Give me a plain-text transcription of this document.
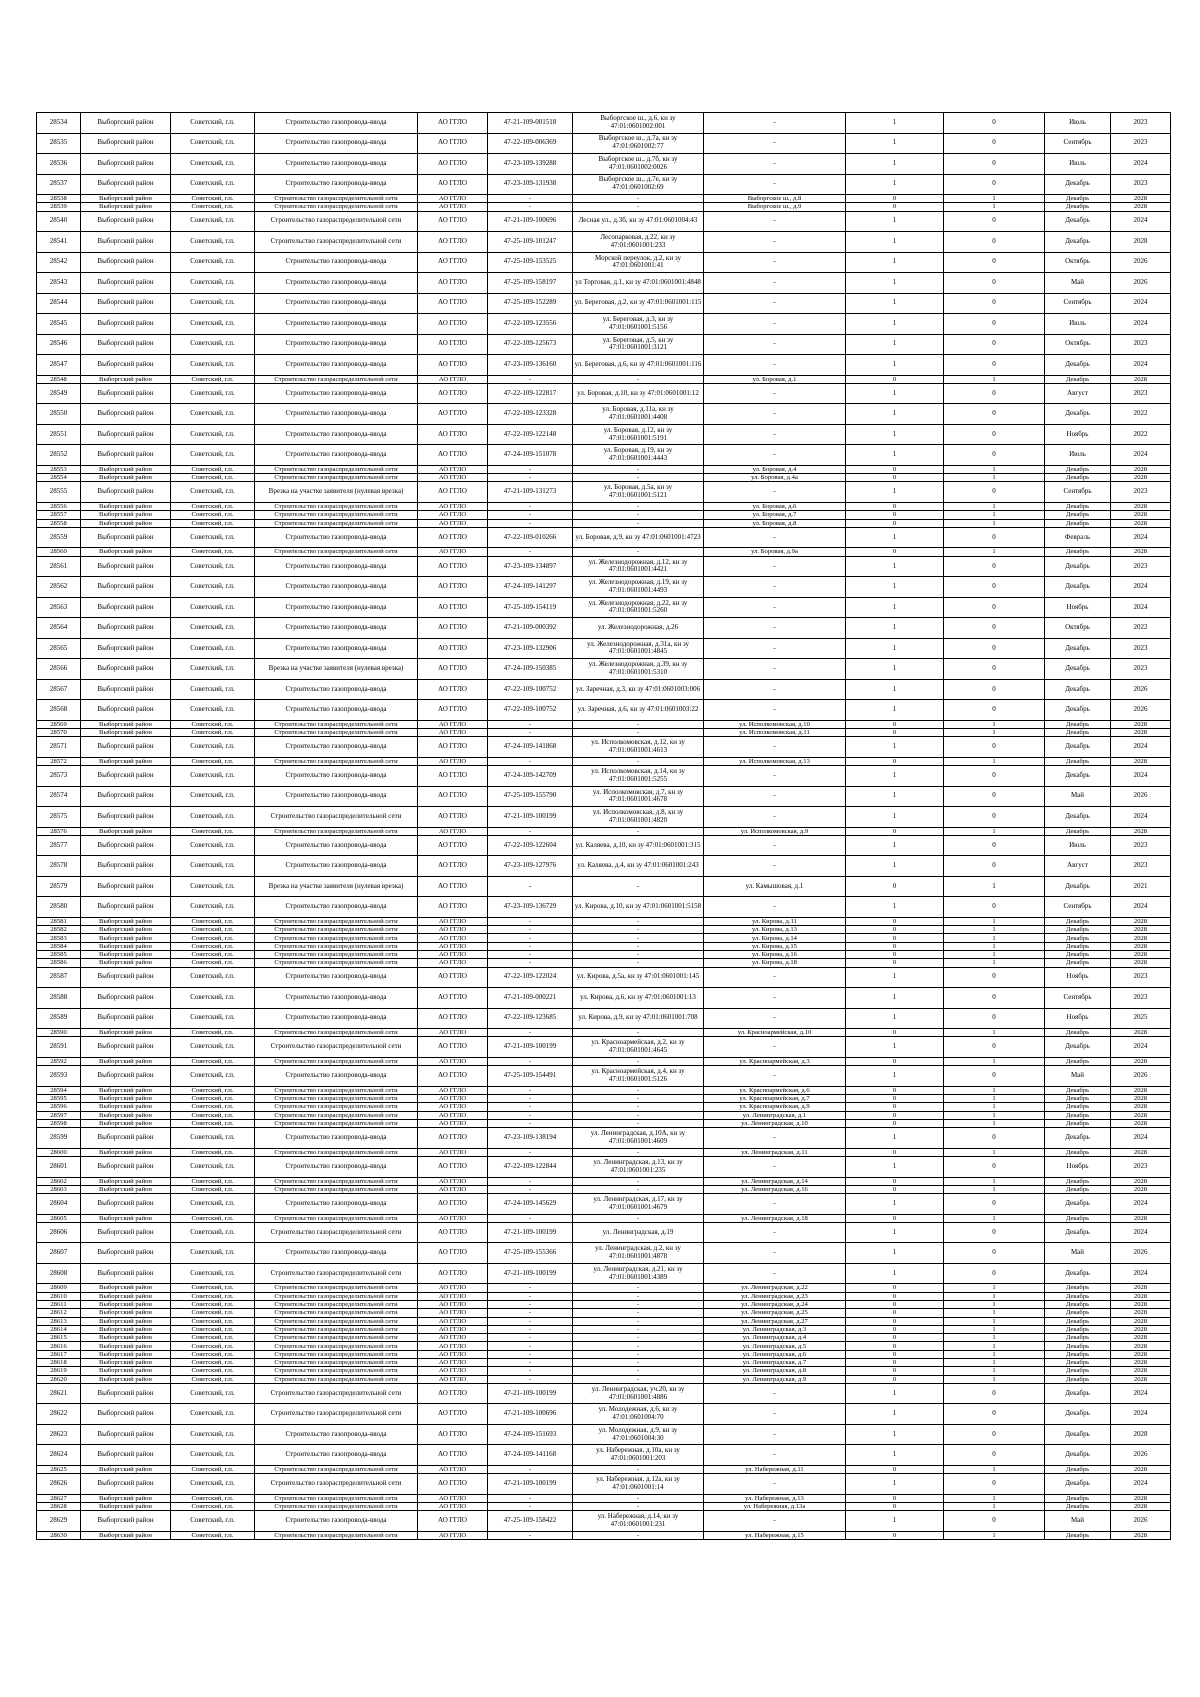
28534	Выборгский район	Советский, г.п.	Строительство газопровода-ввода	АО ГГЛО	47-21-109-001518	Выборгское ш., д.6, кн зу 47:01:0601002:001	-	1	0	Июль	2023
28535	Выборгский район	Советский, г.п.	Строительство газопровода-ввода	АО ГГЛО	47-22-109-006369	Выборгское ш., д.7а, кн зу 47:01:0601002:77	-	1	0	Сентябрь	2023
28536	Выборгский район	Советский, г.п.	Строительство газопровода-ввода	АО ГГЛО	47-23-109-139288	Выборгское ш., д.7б, кн зу 47:01:0601002:0026	-	1	0	Июль	2024
28537	Выборгский район	Советский, г.п.	Строительство газопровода-ввода	АО ГГЛО	47-23-109-131938	Выборгское ш., д.7е, кн зу 47:01:0601002:69	-	1	0	Декабрь	2023
28538	Выборгский район	Советский, г.п.	Строительство газораспределительной сети	АО ГГЛО	-	-	Выборгское ш., д.8	0	1	Декабрь	2028
28539	Выборгский район	Советский, г.п.	Строительство газораспределительной сети	АО ГГЛО	-	-	Выборгское ш., д.9	0	1	Декабрь	2028
28540	Выборгский район	Советский, г.п.	Строительство газораспределительной сети	АО ГГЛО	47-21-109-100696	Лесная ул., д.3б, кн зу 47:01:0601004:43	-	1	0	Декабрь	2024
28541	Выборгский район	Советский, г.п.	Строительство газораспределительной сети	АО ГГЛО	47-25-109-101247	Лесопарковая, д.22, кн зу 47:01:0601001:233	-	1	0	Декабрь	2028
28542	Выборгский район	Советский, г.п.	Строительство газопровода-ввода	АО ГГЛО	47-25-109-153525	Морской переулок, д.2, кн зу 47:01:0601001:41	-	1	0	Октябрь	2026
28543	Выборгский район	Советский, г.п.	Строительство газопровода-ввода	АО ГГЛО	47-25-109-158197	ул Торговая, д.1, кн зу 47:01:0601001:4848	-	1	0	Май	2026
28544	Выборгский район	Советский, г.п.	Строительство газопровода-ввода	АО ГГЛО	47-25-109-152289	ул. Береговая, д.2, кн зу 47:01:0601001:115	-	1	0	Сентябрь	2024
28545	Выборгский район	Советский, г.п.	Строительство газопровода-ввода	АО ГГЛО	47-22-109-123556	ул. Береговая, д.3, кн зу 47:01:0601001:5156	-	1	0	Июль	2024
28546	Выборгский район	Советский, г.п.	Строительство газопровода-ввода	АО ГГЛО	47-22-109-125673	ул. Береговая, д.5, кн зу 47:01:0601001:3121	-	1	0	Октябрь	2023
28547	Выборгский район	Советский, г.п.	Строительство газопровода-ввода	АО ГГЛО	47-23-109-136160	ул. Береговая, д.6, кн зу 47:01:0601001:116	-	1	0	Декабрь	2024
28548	Выборгский район	Советский, г.п.	Строительство газораспределительной сети	АО ГГЛО	-	-	ул. Боровая, д.1	0	1	Декабрь	2028
28549	Выборгский район	Советский, г.п.	Строительство газопровода-ввода	АО ГГЛО	47-22-109-122817	ул. Боровая, д.10, кн зу 47:01:0601001:12	-	1	0	Август	2023
28550	Выборгский район	Советский, г.п.	Строительство газопровода-ввода	АО ГГЛО	47-22-109-123328	ул. Боровая, д.11а, кн зу 47:01:0601001:4408	-	1	0	Декабрь	2022
28551	Выборгский район	Советский, г.п.	Строительство газопровода-ввода	АО ГГЛО	47-22-109-122148	ул. Боровая, д.12, кн зу 47:01:0601001:5191	-	1	0	Ноябрь	2022
28552	Выборгский район	Советский, г.п.	Строительство газопровода-ввода	АО ГГЛО	47-24-109-151078	ул. Боровая, д.19, кн зу 47:01:0601001:4443	-	1	0	Июль	2024
28553	Выборгский район	Советский, г.п.	Строительство газораспределительной сети	АО ГГЛО	-	-	ул. Боровая, д.4	0	1	Декабрь	2028
28554	Выборгский район	Советский, г.п.	Строительство газораспределительной сети	АО ГГЛО	-	-	ул. Боровая, д.4а	0	1	Декабрь	2028
28555	Выборгский район	Советский, г.п.	Врезка на участке заявителя (нулевая врезка)	АО ГГЛО	47-21-109-131273	ул. Боровая, д.5а, кн зу 47:01:0601001:5121	-	1	0	Сентябрь	2023
28556	Выборгский район	Советский, г.п.	Строительство газораспределительной сети	АО ГГЛО	-	-	ул. Боровая, д.6	0	1	Декабрь	2028
28557	Выборгский район	Советский, г.п.	Строительство газораспределительной сети	АО ГГЛО	-	-	ул. Боровая, д.7	0	1	Декабрь	2028
28558	Выборгский район	Советский, г.п.	Строительство газораспределительной сети	АО ГГЛО	-	-	ул. Боровая, д.8	0	1	Декабрь	2028
28559	Выборгский район	Советский, г.п.	Строительство газопровода-ввода	АО ГГЛО	47-22-109-010266	ул. Боровая, д.9, кн зу 47:01:0601001:4723	-	1	0	Февраль	2024
28560	Выборгский район	Советский, г.п.	Строительство газораспределительной сети	АО ГГЛО	-	-	ул. Боровая, д.9а	0	1	Декабрь	2028
28561	Выборгский район	Советский, г.п.	Строительство газопровода-ввода	АО ГГЛО	47-23-109-134897	ул. Железнодорожная, д.12, кн зу 47:01:0601001:4421	-	1	0	Декабрь	2023
28562	Выборгский район	Советский, г.п.	Строительство газопровода-ввода	АО ГГЛО	47-24-109-141297	ул. Железнодорожная, д.19, кн зу 47:01:0601001:4493	-	1	0	Декабрь	2024
28563	Выборгский район	Советский, г.п.	Строительство газопровода-ввода	АО ГГЛО	47-25-109-154119	ул. Железнодорожная, д.22, кн зу 47:01:0601001:5260	-	1	0	Ноябрь	2024
28564	Выборгский район	Советский, г.п.	Строительство газопровода-ввода	АО ГГЛО	47-21-109-000392	ул. Железнодорожная, д.26	-	1	0	Октябрь	2022
28565	Выборгский район	Советский, г.п.	Строительство газопровода-ввода	АО ГГЛО	47-23-109-132906	ул. Железнодорожная, д.31а, кн зу 47:01:0601001:4845	-	1	0	Декабрь	2023
28566	Выборгский район	Советский, г.п.	Врезка на участке заявителя (нулевая врезка)	АО ГГЛО	47-24-109-150385	ул. Железнодорожная, д.39, кн зу 47:01:0601001:5310	-	1	0	Декабрь	2023
28567	Выборгский район	Советский, г.п.	Строительство газопровода-ввода	АО ГГЛО	47-22-109-100752	ул. Заречная, д.3, кн зу 47:01:0601003:006	-	1	0	Декабрь	2026
28568	Выборгский район	Советский, г.п.	Строительство газопровода-ввода	АО ГГЛО	47-22-109-100752	ул. Заречная, д.6, кн зу 47:01:0601003:22	-	1	0	Декабрь	2026
28569	Выборгский район	Советский, г.п.	Строительство газораспределительной сети	АО ГГЛО	-	-	ул. Исполкомовская, д.10	0	1	Декабрь	2028
28570	Выборгский район	Советский, г.п.	Строительство газораспределительной сети	АО ГГЛО	-	-	ул. Исполкомовская, д.11	0	1	Декабрь	2028
28571	Выборгский район	Советский, г.п.	Строительство газопровода-ввода	АО ГГЛО	47-24-109-141868	ул. Исполкомовская, д.12, кн зу 47:01:0601001:4613	-	1	0	Декабрь	2024
28572	Выборгский район	Советский, г.п.	Строительство газораспределительной сети	АО ГГЛО	-	-	ул. Исполкомовская, д.13	0	1	Декабрь	2028
28573	Выборгский район	Советский, г.п.	Строительство газопровода-ввода	АО ГГЛО	47-24-109-142709	ул. Исполкомовская, д.14, кн зу 47:01:0601001:5255	-	1	0	Декабрь	2024
28574	Выборгский район	Советский, г.п.	Строительство газопровода-ввода	АО ГГЛО	47-25-109-155790	ул. Исполкомовская, д.7, кн зу 47:01:0601001:4678	-	1	0	Май	2026
28575	Выборгский район	Советский, г.п.	Строительство газораспределительной сети	АО ГГЛО	47-21-109-100199	ул. Исполкомовская, д.8, кн зу 47:01:0601001:4820	-	1	0	Декабрь	2024
28576	Выборгский район	Советский, г.п.	Строительство газораспределительной сети	АО ГГЛО	-	-	ул. Исполкомовская, д.9	0	1	Декабрь	2028
28577	Выборгский район	Советский, г.п.	Строительство газопровода-ввода	АО ГГЛО	47-22-109-122604	ул. Каляева, д.10, кн зу 47:01:0601001:315	-	1	0	Июль	2023
28578	Выборгский район	Советский, г.п.	Строительство газопровода-ввода	АО ГГЛО	47-23-109-127976	ул. Каляева, д.4, кн зу 47:01:0601001:243	-	1	0	Август	2023
28579	Выборгский район	Советский, г.п.	Врезка на участке заявителя (нулевая врезка)	АО ГГЛО	-	-	ул. Камышовая, д.1	0	1	Декабрь	2021
28580	Выборгский район	Советский, г.п.	Строительство газопровода-ввода	АО ГГЛО	47-23-109-136729	ул. Кирова, д.10, кн зу 47:01:0601001:5158	-	1	0	Сентябрь	2024
28581	Выборгский район	Советский, г.п.	Строительство газораспределительной сети	АО ГГЛО	-	-	ул. Кирова, д.11	0	1	Декабрь	2028
28582	Выборгский район	Советский, г.п.	Строительство газораспределительной сети	АО ГГЛО	-	-	ул. Кирова, д.13	0	1	Декабрь	2028
28583	Выборгский район	Советский, г.п.	Строительство газораспределительной сети	АО ГГЛО	-	-	ул. Кирова, д.14	0	1	Декабрь	2028
28584	Выборгский район	Советский, г.п.	Строительство газораспределительной сети	АО ГГЛО	-	-	ул. Кирова, д.15	0	1	Декабрь	2028
28585	Выборгский район	Советский, г.п.	Строительство газораспределительной сети	АО ГГЛО	-	-	ул. Кирова, д.16	0	1	Декабрь	2028
28586	Выборгский район	Советский, г.п.	Строительство газораспределительной сети	АО ГГЛО	-	-	ул. Кирова, д.18	0	1	Декабрь	2028
28587	Выборгский район	Советский, г.п.	Строительство газопровода-ввода	АО ГГЛО	47-22-109-122024	ул. Кирова, д.5а, кн зу 47:01:0601001:145	-	1	0	Ноябрь	2023
28588	Выборгский район	Советский, г.п.	Строительство газопровода-ввода	АО ГГЛО	47-21-109-000221	ул. Кирова, д.6, кн зу 47:01:0601001:13	-	1	0	Сентябрь	2023
28589	Выборгский район	Советский, г.п.	Строительство газопровода-ввода	АО ГГЛО	47-22-109-123685	ул. Кирова, д.9, кн зу 47:01:0601001:708	-	1	0	Ноябрь	2025
28590	Выборгский район	Советский, г.п.	Строительство газораспределительной сети	АО ГГЛО	-	-	ул. Красноармейская, д.10	0	1	Декабрь	2028
28591	Выборгский район	Советский, г.п.	Строительство газораспределительной сети	АО ГГЛО	47-21-109-100199	ул. Красноармейская, д.2, кн зу 47:01:0601001:4645	-	1	0	Декабрь	2024
28592	Выборгский район	Советский, г.п.	Строительство газораспределительной сети	АО ГГЛО	-	-	ул. Красноармейская, д.3	0	1	Декабрь	2028
28593	Выборгский район	Советский, г.п.	Строительство газопровода-ввода	АО ГГЛО	47-25-109-154491	ул. Красноармейская, д.4, кн зу 47:01:0601001:5126	-	1	0	Май	2026
28594	Выборгский район	Советский, г.п.	Строительство газораспределительной сети	АО ГГЛО	-	-	ул. Красноармейская, д.6	0	1	Декабрь	2028
28595	Выборгский район	Советский, г.п.	Строительство газораспределительной сети	АО ГГЛО	-	-	ул. Красноармейская, д.7	0	1	Декабрь	2028
28596	Выборгский район	Советский, г.п.	Строительство газораспределительной сети	АО ГГЛО	-	-	ул. Красноармейская, д.9	0	1	Декабрь	2028
28597	Выборгский район	Советский, г.п.	Строительство газораспределительной сети	АО ГГЛО	-	-	ул. Ленинградская, д.1	0	1	Декабрь	2028
28598	Выборгский район	Советский, г.п.	Строительство газораспределительной сети	АО ГГЛО	-	-	ул. Ленинградская, д.10	0	1	Декабрь	2028
28599	Выборгский район	Советский, г.п.	Строительство газопровода-ввода	АО ГГЛО	47-23-109-138194	ул. Ленинградская, д.10А, кн зу 47:01:0601001:4609	-	1	0	Декабрь	2024
28600	Выборгский район	Советский, г.п.	Строительство газораспределительной сети	АО ГГЛО	-	-	ул. Ленинградская, д.11	0	1	Декабрь	2028
28601	Выборгский район	Советский, г.п.	Строительство газопровода-ввода	АО ГГЛО	47-22-109-122844	ул. Ленинградская, д.13, кн зу 47:01:0601001:235	-	1	0	Ноябрь	2023
28602	Выборгский район	Советский, г.п.	Строительство газораспределительной сети	АО ГГЛО	-	-	ул. Ленинградская, д.14	0	1	Декабрь	2028
28603	Выборгский район	Советский, г.п.	Строительство газораспределительной сети	АО ГГЛО	-	-	ул. Ленинградская, д.16	0	1	Декабрь	2028
28604	Выборгский район	Советский, г.п.	Строительство газопровода-ввода	АО ГГЛО	47-24-109-145629	ул. Ленинградская, д.17, кн зу 47:01:0601001:4679	-	1	0	Декабрь	2024
28605	Выборгский район	Советский, г.п.	Строительство газораспределительной сети	АО ГГЛО	-	-	ул. Ленинградская, д.18	0	1	Декабрь	2028
28606	Выборгский район	Советский, г.п.	Строительство газораспределительной сети	АО ГГЛО	47-21-109-100199	ул. Ленинградская, д.19	-	1	0	Декабрь	2024
28607	Выборгский район	Советский, г.п.	Строительство газопровода-ввода	АО ГГЛО	47-25-109-155366	ул. Ленинградская, д.2, кн зу 47:01:0601001:4878	-	1	0	Май	2026
28608	Выборгский район	Советский, г.п.	Строительство газораспределительной сети	АО ГГЛО	47-21-109-100199	ул. Ленинградская, д.21, кн зу 47:01:0601001:4389	-	1	0	Декабрь	2024
28609	Выборгский район	Советский, г.п.	Строительство газораспределительной сети	АО ГГЛО	-	-	ул. Ленинградская, д.22	0	1	Декабрь	2028
28610	Выборгский район	Советский, г.п.	Строительство газораспределительной сети	АО ГГЛО	-	-	ул. Ленинградская, д.23	0	1	Декабрь	2028
28611	Выборгский район	Советский, г.п.	Строительство газораспределительной сети	АО ГГЛО	-	-	ул. Ленинградская, д.24	0	1	Декабрь	2028
28612	Выборгский район	Советский, г.п.	Строительство газораспределительной сети	АО ГГЛО	-	-	ул. Ленинградская, д.25	0	1	Декабрь	2028
28613	Выборгский район	Советский, г.п.	Строительство газораспределительной сети	АО ГГЛО	-	-	ул. Ленинградская, д.27	0	1	Декабрь	2028
28614	Выборгский район	Советский, г.п.	Строительство газораспределительной сети	АО ГГЛО	-	-	ул. Ленинградская, д.3	0	1	Декабрь	2028
28615	Выборгский район	Советский, г.п.	Строительство газораспределительной сети	АО ГГЛО	-	-	ул. Ленинградская, д.4	0	1	Декабрь	2028
28616	Выборгский район	Советский, г.п.	Строительство газораспределительной сети	АО ГГЛО	-	-	ул. Ленинградская, д.5	0	1	Декабрь	2028
28617	Выборгский район	Советский, г.п.	Строительство газораспределительной сети	АО ГГЛО	-	-	ул. Ленинградская, д.6	0	1	Декабрь	2028
28618	Выборгский район	Советский, г.п.	Строительство газораспределительной сети	АО ГГЛО	-	-	ул. Ленинградская, д.7	0	1	Декабрь	2028
28619	Выборгский район	Советский, г.п.	Строительство газораспределительной сети	АО ГГЛО	-	-	ул. Ленинградская, д.8	0	1	Декабрь	2028
28620	Выборгский район	Советский, г.п.	Строительство газораспределительной сети	АО ГГЛО	-	-	ул. Ленинградская, д.9	0	1	Декабрь	2028
28621	Выборгский район	Советский, г.п.	Строительство газораспределительной сети	АО ГГЛО	47-21-109-100199	ул. Ленинградская, уч.20, кн зу 47:01:0601001:4886	-	1	0	Декабрь	2024
28622	Выборгский район	Советский, г.п.	Строительство газораспределительной сети	АО ГГЛО	47-21-109-100696	ул. Молодежная, д.6, кн зу 47:01:0601004:70	-	1	0	Декабрь	2024
28623	Выборгский район	Советский, г.п.	Строительство газопровода-ввода	АО ГГЛО	47-24-109-151693	ул. Молодежная, д.9, кн зу 47:01:0601004:30	-	1	0	Декабрь	2028
28624	Выборгский район	Советский, г.п.	Строительство газопровода-ввода	АО ГГЛО	47-24-109-141168	ул. Набережная, д.10а, кн зу 47:01:0601001:203	-	1	0	Декабрь	2026
28625	Выборгский район	Советский, г.п.	Строительство газораспределительной сети	АО ГГЛО	-	-	ул. Набережная, д.11	0	1	Декабрь	2028
28626	Выборгский район	Советский, г.п.	Строительство газораспределительной сети	АО ГГЛО	47-21-109-100199	ул. Набережная, д.12а, кн зу 47:01:0601001:14	-	1	0	Декабрь	2024
28627	Выборгский район	Советский, г.п.	Строительство газораспределительной сети	АО ГГЛО	-	-	ул. Набережная, д.13	0	1	Декабрь	2028
28628	Выборгский район	Советский, г.п.	Строительство газораспределительной сети	АО ГГЛО	-	-	ул. Набережная, д.13а	0	1	Декабрь	2028
28629	Выборгский район	Советский, г.п.	Строительство газопровода-ввода	АО ГГЛО	47-25-109-158422	ул. Набережная, д.14, кн зу 47:01:0601001:231	-	1	0	Май	2026
28630	Выборгский район	Советский, г.п.	Строительство газораспределительной сети	АО ГГЛО	-	-	ул. Набережная, д.15	0	1	Декабрь	2028
